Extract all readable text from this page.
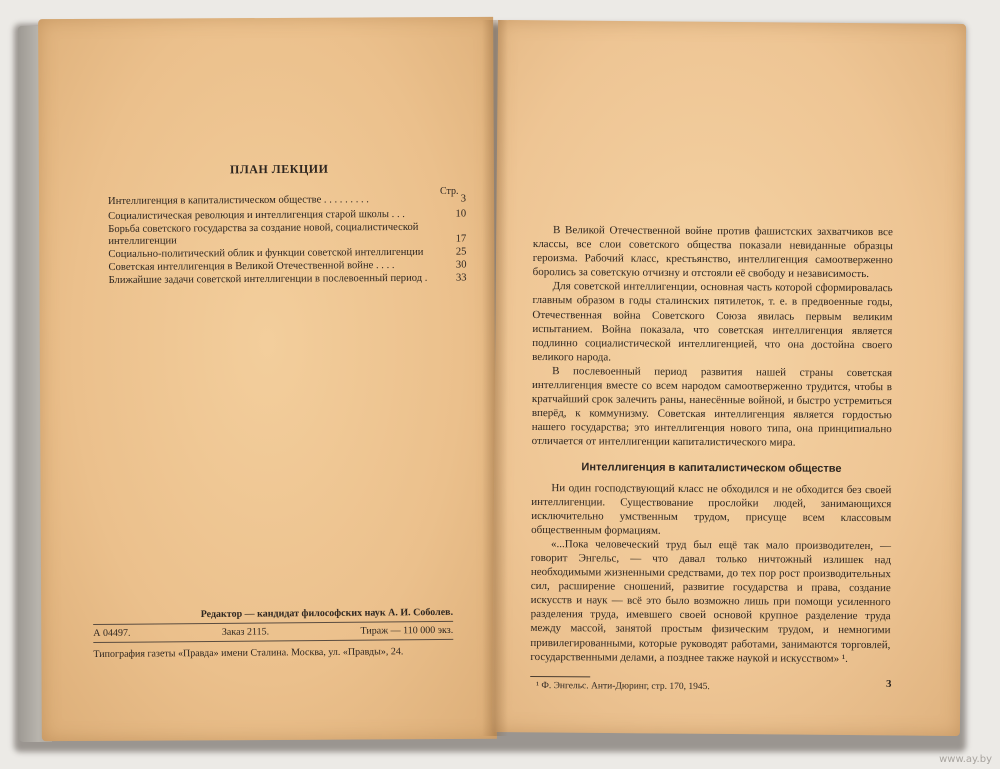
ПЛАН ЛЕКЦИИ
Стр.
Интеллигенция в капиталистическом обществе . . . . . . . . .	3
Социалистическая революция и интеллигенция старой школы . . .	10
Борьба советского государства за создание новой, социалистической интеллигенции	17
Социально-политический облик и функции советской интеллигенции	25
Советская интеллигенция в Великой Отечественной войне . . . .	30
Ближайшие задачи советской интеллигенции в послевоенный период .	33
Редактор — кандидат философских наук А. И. Соболев.
А 04497.	Заказ 2115.	Тираж — 110 000 экз.
Типография газеты «Правда» имени Сталина. Москва, ул. «Правды», 24.

В Великой Отечественной войне против фашистских захватчиков все классы, все слои советского общества показали невиданные образцы героизма. Рабочий класс, крестьянство, интеллигенция самоотверженно боролись за советскую отчизну и отстояли её свободу и независимость.

Для советской интеллигенции, основная часть которой сформировалась главным образом в годы сталинских пятилеток, т. е. в предвоенные годы, Отечественная война Советского Союза явилась первым великим испытанием. Война показала, что советская интеллигенция является подлинно социалистической интеллигенцией, что она достойна своего великого народа.

В послевоенный период развития нашей страны советская интеллигенция вместе со всем народом самоотверженно трудится, чтобы в кратчайший срок залечить раны, нанесённые войной, и быстро устремиться вперёд, к коммунизму. Советская интеллигенция является гордостью нашего государства; это интеллигенция нового типа, она принципиально отличается от интеллигенции капиталистического мира.

Интеллигенция в капиталистическом обществе

Ни один господствующий класс не обходился и не обходится без своей интеллигенции. Существование прослойки людей, занимающихся исключительно умственным трудом, присуще всем классовым общественным формациям.

«...Пока человеческий труд был ещё так мало производителен, — говорит Энгельс, — что давал только ничтожный излишек над необходимыми жизненными средствами, до тех пор рост производительных сил, расширение сношений, развитие государства и права, создание искусств и наук — всё это было возможно лишь при помощи усиленного разделения труда, имевшего своей основой крупное разделение труда между массой, занятой простым физическим трудом, и немногими привилегированными, которые руководят работами, занимаются торговлей, государственными делами, а позднее также наукой и искусством» ¹.

¹ Ф. Энгельс. Анти-Дюринг, стр. 170, 1945.	3
www.ay.by
